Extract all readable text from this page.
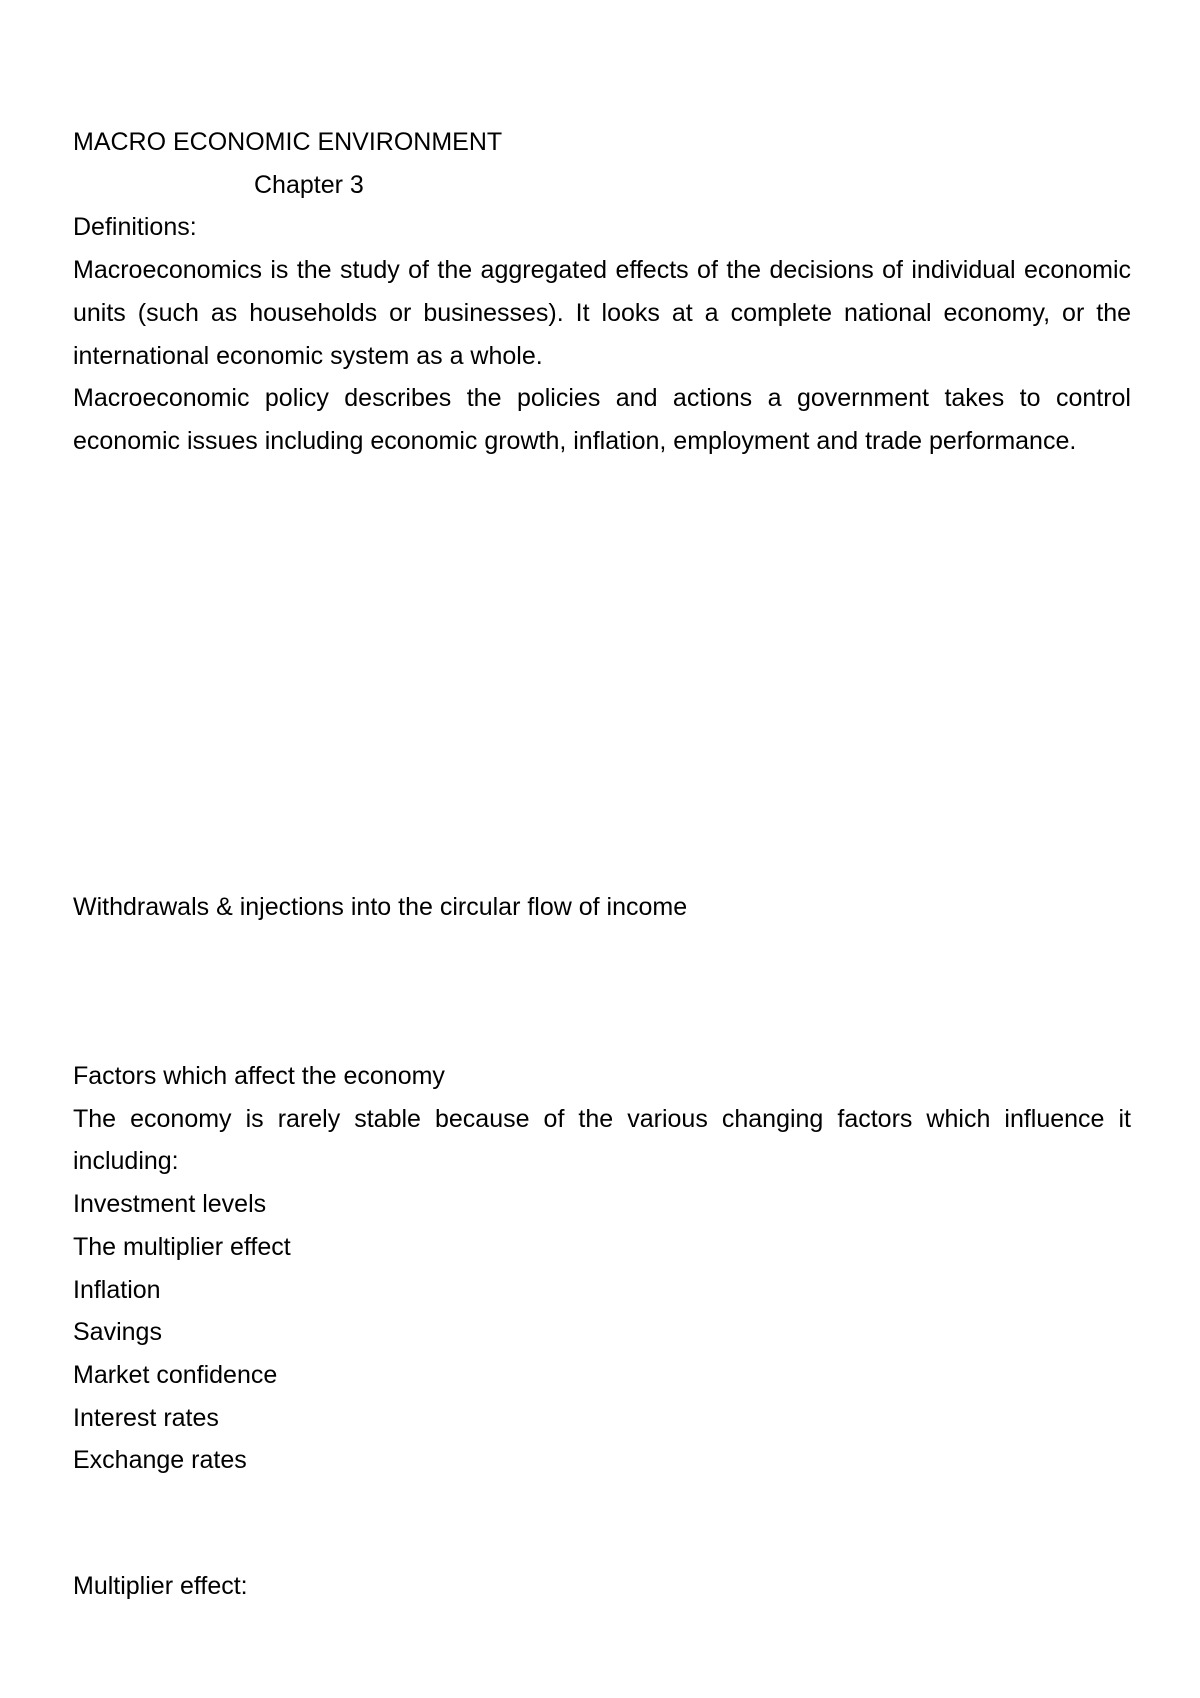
MACRO ECONOMIC ENVIRONMENT
Chapter 3
Definitions:

Macroeconomics is the study of the aggregated effects of the decisions of individual economic units (such as households or businesses). It looks at a complete national economy, or the international economic system as a whole.

Macroeconomic policy describes the policies and actions a government takes to control economic issues including economic growth, inflation, employment and trade performance.

Withdrawals & injections into the circular flow of income
Factors which affect the economy

The economy is rarely stable because of the various changing factors which influence it including:

Investment levels
The multiplier effect
Inflation
Savings
Market confidence
Interest rates
Exchange rates
Multiplier effect:
